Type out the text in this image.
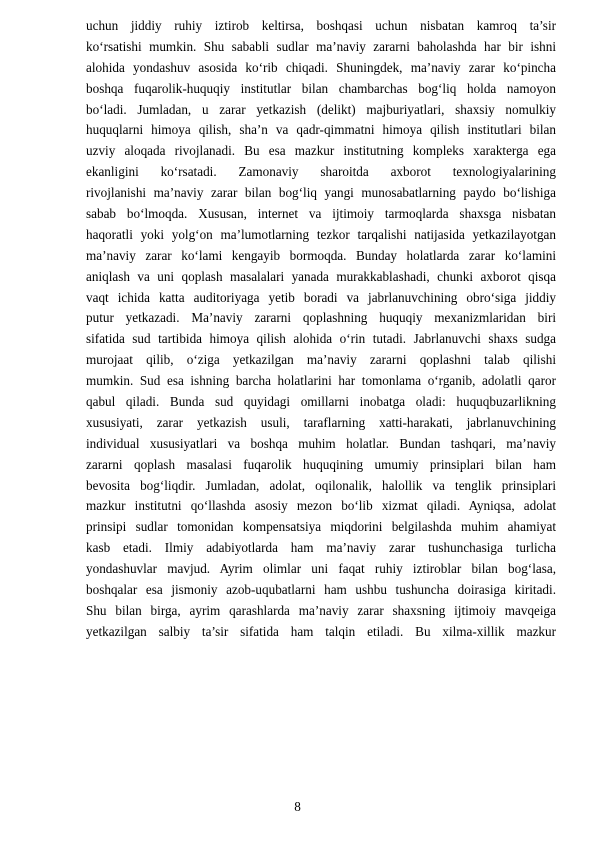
uchun jiddiy ruhiy iztirob keltirsa, boshqasi uchun nisbatan kamroq ta’sir
ko‘rsatishi mumkin. Shu sababli sudlar ma’naviy zararni baholashda har bir ishni
alohida yondashuv asosida ko‘rib chiqadi. Shuningdek, ma’naviy zarar ko‘pincha
boshqa fuqarolik-huquqiy institutlar bilan chambarchas bog‘liq holda namoyon
bo‘ladi. Jumladan, u zarar yetkazish (delikt) majburiyatlari, shaxsiy nomulkiy
huquqlarni himoya qilish, sha’n va qadr-qimmatni himoya qilish institutlari bilan
uzviy aloqada rivojlanadi. Bu esa mazkur institutning kompleks xarakterga ega
ekanligini ko‘rsatadi. Zamonaviy sharoitda axborot texnologiyalarining
rivojlanishi ma’naviy zarar bilan bog‘liq yangi munosabatlarning paydo bo‘lishiga
sabab bo‘lmoqda. Xususan, internet va ijtimoiy tarmoqlarda shaxsga nisbatan
haqoratli yoki yolg‘on ma’lumotlarning tezkor tarqalishi natijasida yetkazilayotgan
ma’naviy zarar ko‘lami kengayib bormoqda. Bunday holatlarda zarar ko‘lamini
aniqlash va uni qoplash masalalari yanada murakkablashadi, chunki axborot qisqa
vaqt ichida katta auditoriyaga yetib boradi va jabrlanuvchining obro‘siga jiddiy
putur yetkazadi. Ma’naviy zararni qoplashning huquqiy mexanizmlaridan biri
sifatida sud tartibida himoya qilish alohida o‘rin tutadi. Jabrlanuvchi shaxs sudga
murojaat qilib, o‘ziga yetkazilgan ma’naviy zararni qoplashni talab qilishi
mumkin. Sud esa ishning barcha holatlarini har tomonlama o‘rganib, adolatli qaror
qabul qiladi. Bunda sud quyidagi omillarni inobatga oladi: huquqbuzarlikning
xususiyati, zarar yetkazish usuli, taraflarning xatti-harakati, jabrlanuvchining
individual xususiyatlari va boshqa muhim holatlar. Bundan tashqari, ma’naviy
zararni qoplash masalasi fuqarolik huquqining umumiy prinsiplari bilan ham
bevosita bog‘liqdir. Jumladan, adolat, oqilonalik, halollik va tenglik prinsiplari
mazkur institutni qo‘llashda asosiy mezon bo‘lib xizmat qiladi. Ayniqsa, adolat
prinsipi sudlar tomonidan kompensatsiya miqdorini belgilashda muhim ahamiyat
kasb etadi. Ilmiy adabiyotlarda ham ma’naviy zarar tushunchasiga turlicha
yondashuvlar mavjud. Ayrim olimlar uni faqat ruhiy iztiroblar bilan bog‘lasa,
boshqalar esa jismoniy azob-uqubatlarni ham ushbu tushuncha doirasiga kiritadi.
Shu bilan birga, ayrim qarashlarda ma’naviy zarar shaxsning ijtimoiy mavqeiga
yetkazilgan salbiy ta’sir sifatida ham talqin etiladi. Bu xilma-xillik mazkur
8
